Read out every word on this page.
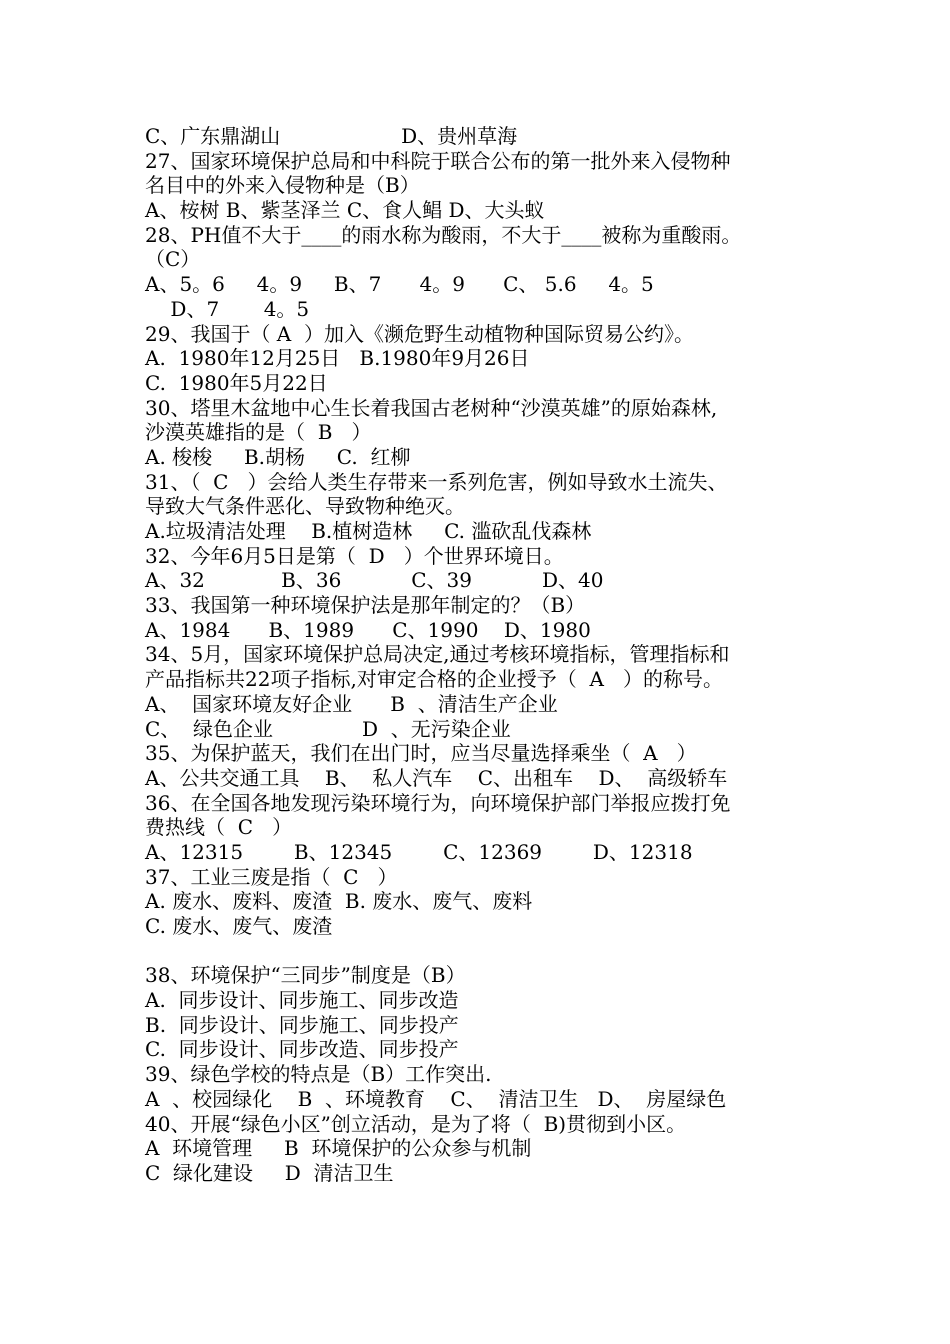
C、广东鼎湖山                   D、贵州草海
27、国家环境保护总局和中科院于联合公布的第一批外来入侵物种
名目中的外来入侵物种是（B）
A、桉树 B、紫茎泽兰 C、食人鲳 D、大头蚁
28、PH值不大于____的雨水称为酸雨，不大于____被称为重酸雨。
（C）
A、5。6     4。9     B、7      4。9      C、 5.6     4。5
D、7       4。5
29、我国于（ A  ）加入《濒危野生动植物种国际贸易公约》。
A.  1980年12月25日   B.1980年9月26日
C.  1980年5月22日
30、塔里木盆地中心生长着我国古老树种“沙漠英雄”的原始森林,
沙漠英雄指的是（  B   ）
A. 梭梭     B.胡杨     C.  红柳
31、（  C   ）会给人类生存带来一系列危害，例如导致水土流失、
导致大气条件恶化、导致物种绝灭。
A.垃圾清洁处理    B.植树造林     C. 滥砍乱伐森林
32、今年6月5日是第（  D   ）个世界环境日。
A、32            B、36           C、39           D、40
33、我国第一种环境保护法是那年制定的？（B）
A、1984      B、1989      C、1990    D、1980
34、5月，国家环境保护总局决定,通过考核环境指标，管理指标和
产品指标共22项子指标,对审定合格的企业授予（  A   ）的称号。
A、  国家环境友好企业      B  、清洁生产企业
C、  绿色企业              D  、无污染企业
35、为保护蓝天，我们在出门时，应当尽量选择乘坐（  A   ）
A、公共交通工具    B、  私人汽车    C、出租车    D、  高级轿车
36、在全国各地发现污染环境行为，向环境保护部门举报应拨打免
费热线（  C   ）
A、12315        B、12345        C、12369        D、12318
37、工业三废是指（  C   ）
A. 废水、废料、废渣  B. 废水、废气、废料
C. 废水、废气、废渣
38、环境保护“三同步”制度是（B）
A.  同步设计、同步施工、同步改造
B.  同步设计、同步施工、同步投产
C.  同步设计、同步改造、同步投产
39、绿色学校的特点是（B）工作突出.
A  、校园绿化    B  、环境教育    C、  清洁卫生   D、  房屋绿色
40、开展“绿色小区”创立活动，是为了将（  B)贯彻到小区。
A  环境管理     B  环境保护的公众参与机制
C  绿化建设     D  清洁卫生
